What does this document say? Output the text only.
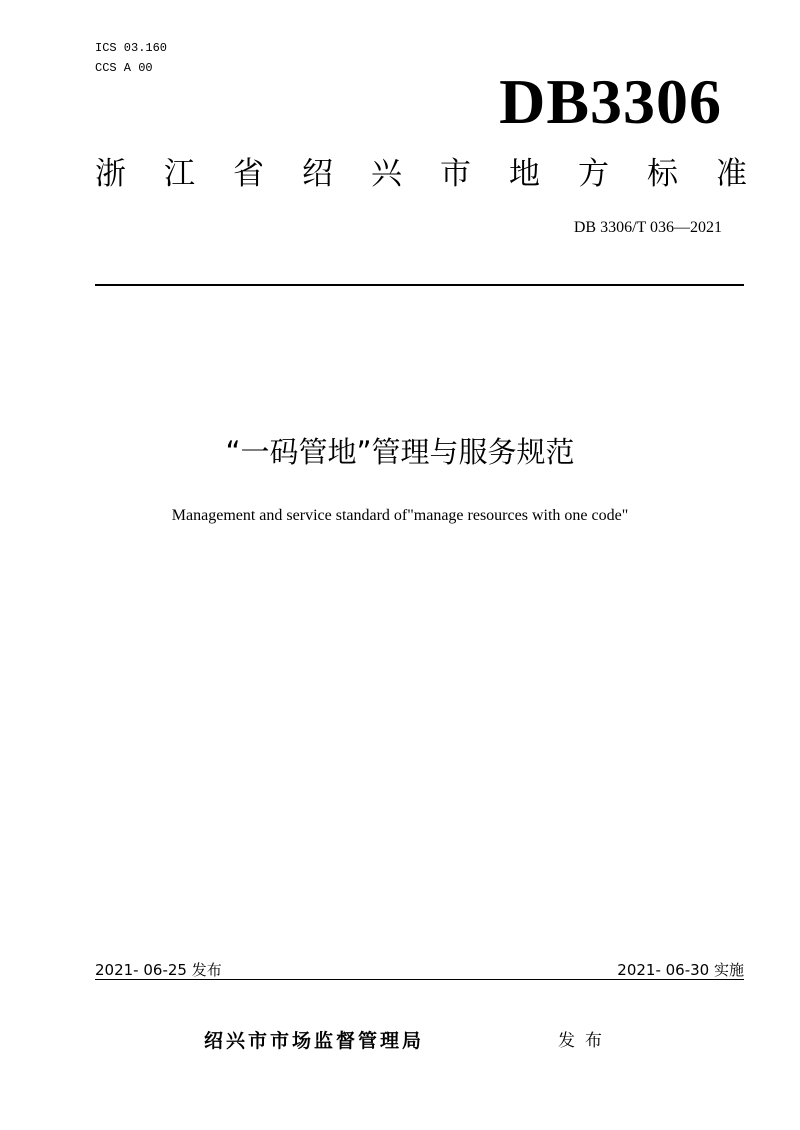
ICS 03.160
CCS A 00	DB3306
浙 江 省 绍 兴 市 地 方 标 准
DB 3306/T 036—2021
“一码管地”管理与服务规范
Management and service standard of"manage resources with one code"
2021- 06-25 发布	2021- 06-30 实施
绍兴市市场监督管理局	发布
